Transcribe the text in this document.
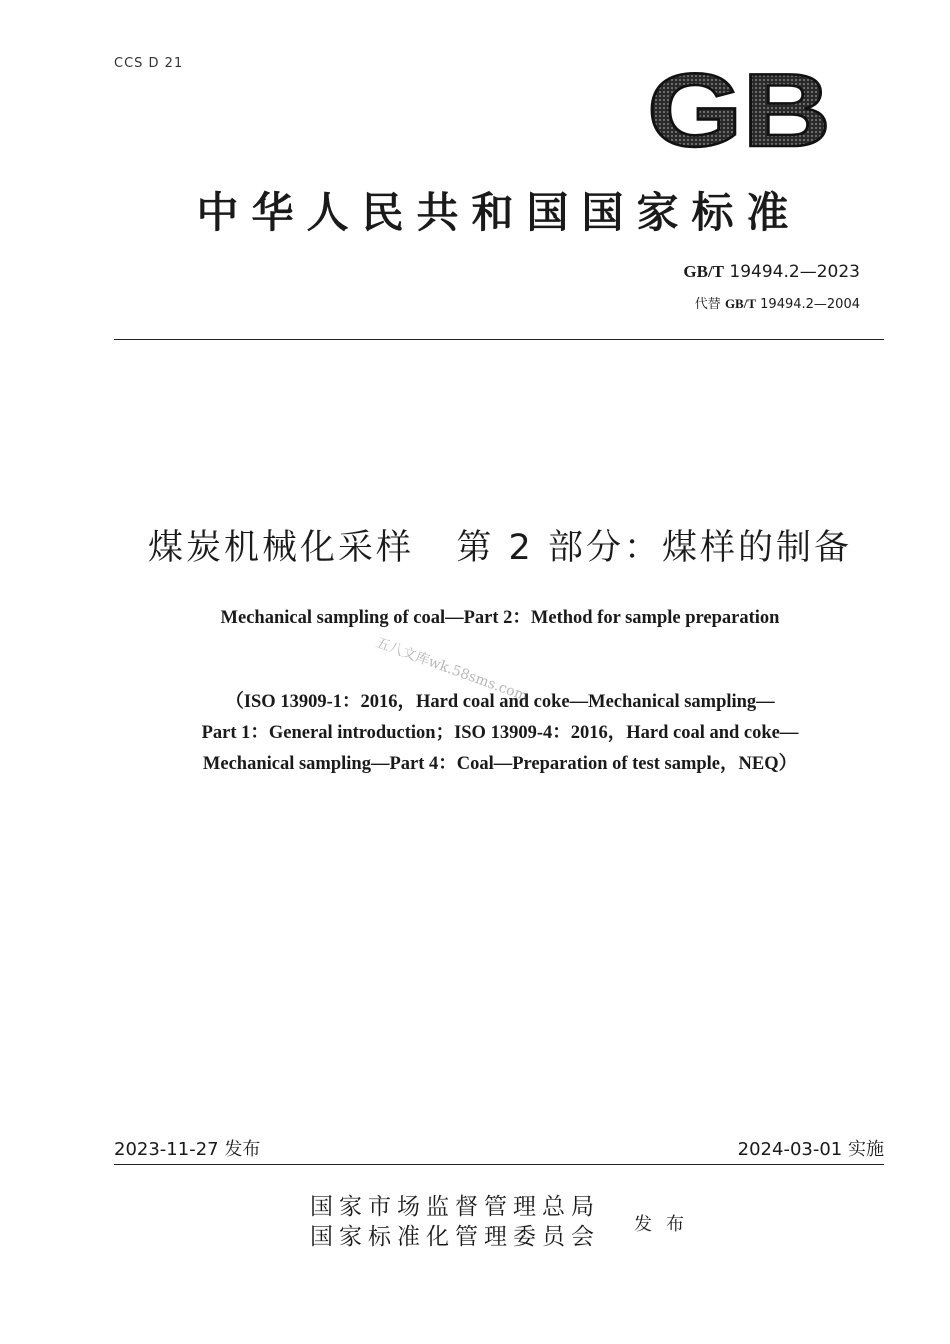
CCS D 21	GB
中华人民共和国国家标准
GB/T 19494.2—2023
代替 GB/T 19494.2—2004
煤炭机械化采样   第 2 部分：煤样的制备
Mechanical sampling of coal—Part 2：Method for sample preparation
五八文库wk.58sms.com
（ISO 13909-1：2016，Hard coal and coke—Mechanical sampling—
Part 1：General introduction；ISO 13909-4：2016，Hard coal and coke—
Mechanical sampling—Part 4：Coal—Preparation of test sample，NEQ）
2023-11-27 发布	2024-03-01 实施
国家市场监督管理总局
国家标准化管理委员会 发布
